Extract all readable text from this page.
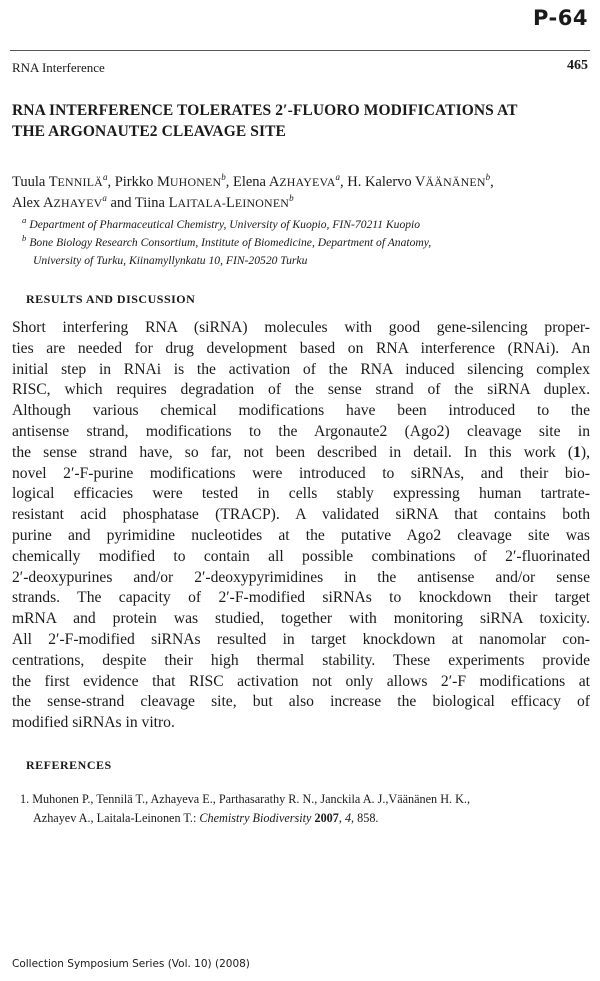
P-64
RNA Interference	465
RNA INTERFERENCE TOLERATES 2′-FLUORO MODIFICATIONS AT
THE ARGONAUTE2 CLEAVAGE SITE
Tuula TENNILÄ$^a$, Pirkko MUHONEN$^b$, Elena AZHAYEVA$^a$, H. Kalervo VÄÄNÄNEN$^b$,
Alex AZHAYEV$^a$ and Tiina LAITALA-LEINONEN$^b$
$^a$ Department of Pharmaceutical Chemistry, University of Kuopio, FIN-70211 Kuopio
$^b$ Bone Biology Research Consortium, Institute of Biomedicine, Department of Anatomy,
University of Turku, Kiinamyllynkatu 10, FIN-20520 Turku
RESULTS AND DISCUSSION
Short interfering RNA (siRNA) molecules with good gene-silencing proper-
ties are needed for drug development based on RNA interference (RNAi). An
initial step in RNAi is the activation of the RNA induced silencing complex
RISC, which requires degradation of the sense strand of the siRNA duplex.
Although various chemical modifications have been introduced to the
antisense strand, modifications to the Argonaute2 (Ago2) cleavage site in
the sense strand have, so far, not been described in detail. In this work (1),
novel 2′-F-purine modifications were introduced to siRNAs, and their bio-
logical efficacies were tested in cells stably expressing human tartrate-
resistant acid phosphatase (TRACP). A validated siRNA that contains both
purine and pyrimidine nucleotides at the putative Ago2 cleavage site was
chemically modified to contain all possible combinations of 2′-fluorinated
2′-deoxypurines and/or 2′-deoxypyrimidines in the antisense and/or sense
strands. The capacity of 2′-F-modified siRNAs to knockdown their target
mRNA and protein was studied, together with monitoring siRNA toxicity.
All 2′-F-modified siRNAs resulted in target knockdown at nanomolar con-
centrations, despite their high thermal stability. These experiments provide
the first evidence that RISC activation not only allows 2′-F modifications at
the sense-strand cleavage site, but also increase the biological efficacy of
modified siRNAs in vitro.
REFERENCES
1. Muhonen P., Tennilä T., Azhayeva E., Parthasarathy R. N., Janckila A. J.,Väänänen H. K.,
Azhayev A., Laitala-Leinonen T.: Chemistry Biodiversity 2007, 4, 858.
Collection Symposium Series (Vol. 10) (2008)
